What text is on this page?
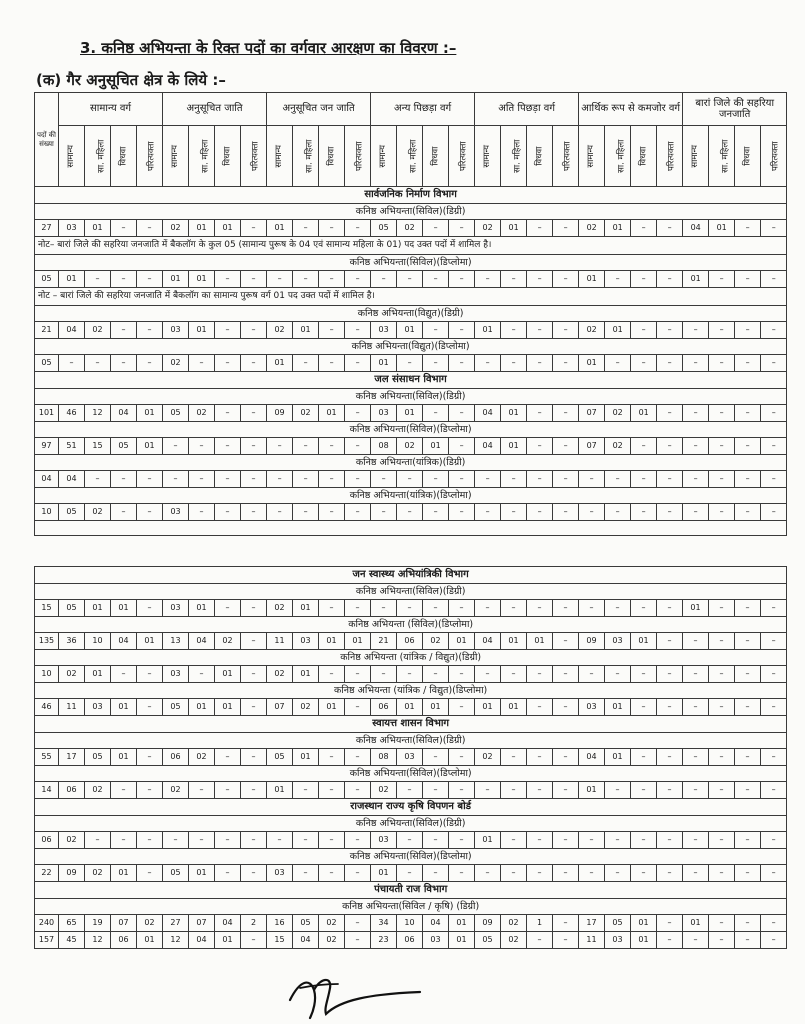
3. कनिष्ठ अभियन्ता के रिक्त पदों का वर्गवार आरक्षण का विवरण :–
(क) गैर अनुसूचित क्षेत्र के लिये :–
पदों की संख्या	सामान्य वर्ग				अनुसूचित जाति				अनुसूचित जन जाति				अन्य पिछड़ा वर्ग				अति पिछड़ा वर्ग				आर्थिक रूप से कमजोर वर्ग				बारां जिले की सहरिया जनजाति			
	सामान्य	सा. महिला	विधवा	परित्यक्ता	सामान्य	सा. महिला	विधवा	परित्यक्ता	सामान्य	सा. महिला	विधवा	परित्यक्ता	सामान्य	सा. महिला	विधवा	परित्यक्ता	सामान्य	सा. महिला	विधवा	परित्यक्ता	सामान्य	सा. महिला	विधवा	परित्यक्ता	सामान्य	सा. महिला	विधवा	परित्यक्ता
सार्वजनिक निर्माण विभाग																												
कनिष्ठ अभियन्ता(सिविल)(डिग्री)																												
27	03	01	–	–	02	01	01	–	01	–	–	–	05	02	–	–	02	01	–	–	02	01	–	–	04	01	–	–
नोट– बारां जिले की सहरिया जनजाति में बैकलॉग के कुल 05 (सामान्य पुरूष के 04 एवं सामान्य महिला के 01) पद उक्त पदों में शामिल है।																												
कनिष्ठ अभियन्ता(सिविल)(डिप्लोमा)																												
05	01	–	–	–	01	01	–	–	–	–	–	–	–	–	–	–	–	–	–	–	01	–	–	–	01	–	–	–
नोट – बारां जिले की सहरिया जनजाति में बैकलॉग का सामान्य पुरूष वर्ग 01 पद उक्त पदों में शामिल है।																												
कनिष्ठ अभियन्ता(विद्युत)(डिग्री)																												
21	04	02	–	–	03	01	–	–	02	01	–	–	03	01	–	–	01	–	–	–	02	01	–	–	–	–	–	–
कनिष्ठ अभियन्ता(विद्युत)(डिप्लोमा)																												
05	–	–	–	–	02	–	–	–	01	–	–	–	01	–	–	–	–	–	–	–	01	–	–	–	–	–	–	–
जल संसाधन विभाग																												
कनिष्ठ अभियन्ता(सिविल)(डिग्री)																												
101	46	12	04	01	05	02	–	–	09	02	01	–	03	01	–	–	04	01	–	–	07	02	01	–	–	–	–	–
कनिष्ठ अभियन्ता(सिविल)(डिप्लोमा)																												
97	51	15	05	01	–	–	–	–	–	–	–	–	08	02	01	–	04	01	–	–	07	02	–	–	–	–	–	–
कनिष्ठ अभियन्ता(यांत्रिक)(डिग्री)																												
04	04	–	–	–	–	–	–	–	–	–	–	–	–	–	–	–	–	–	–	–	–	–	–	–	–	–	–	–
कनिष्ठ अभियन्ता(यांत्रिक)(डिप्लोमा)																												
10	05	02	–	–	03	–	–	–	–	–	–	–	–	–	–	–	–	–	–	–	–	–	–	–	–	–	–	–

जन स्वास्थ्य अभियांत्रिकी विभाग																												
कनिष्ठ अभियन्ता(सिविल)(डिग्री)																												
15	05	01	01	–	03	01	–	–	02	01	–	–	–	–	–	–	–	–	–	–	–	–	–	–	01	–	–	–
कनिष्ठ अभियन्ता (सिविल)(डिप्लोमा)																												
135	36	10	04	01	13	04	02	–	11	03	01	01	21	06	02	01	04	01	01	–	09	03	01	–	–	–	–	–
कनिष्ठ अभियन्ता (यांत्रिक / विद्युत)(डिग्री)																												
10	02	01	–	–	03	–	01	–	02	01	–	–	–	–	–	–	–	–	–	–	–	–	–	–	–	–	–	–
कनिष्ठ अभियन्ता (यांत्रिक / विद्युत)(डिप्लोमा)																												
46	11	03	01	–	05	01	01	–	07	02	01	–	06	01	01	–	01	01	–	–	03	01	–	–	–	–	–	–
स्वायत्त शासन विभाग																												
कनिष्ठ अभियन्ता(सिविल)(डिग्री)																												
55	17	05	01	–	06	02	–	–	05	01	–	–	08	03	–	–	02	–	–	–	04	01	–	–	–	–	–	–
कनिष्ठ अभियन्ता(सिविल)(डिप्लोमा)																												
14	06	02	–	–	02	–	–	–	01	–	–	–	02	–	–	–	–	–	–	–	01	–	–	–	–	–	–	–
राजस्थान राज्य कृषि विपणन बोर्ड																												
कनिष्ठ अभियन्ता(सिविल)(डिग्री)																												
06	02	–	–	–	–	–	–	–	–	–	–	–	03	–	–	–	01	–	–	–	–	–	–	–	–	–	–	–
कनिष्ठ अभियन्ता(सिविल)(डिप्लोमा)																												
22	09	02	01	–	05	01	–	–	03	–	–	–	01	–	–	–	–	–	–	–	–	–	–	–	–	–	–	–
पंचायती राज विभाग																												
कनिष्ठ अभियन्ता(सिविल / कृषि) (डिग्री)																												
240	65	19	07	02	27	07	04	2	16	05	02	–	34	10	04	01	09	02	1	–	17	05	01	–	01	–	–	–
157	45	12	06	01	12	04	01	–	15	04	02	–	23	06	03	01	05	02	–	–	11	03	01	–	–	–	–	–
